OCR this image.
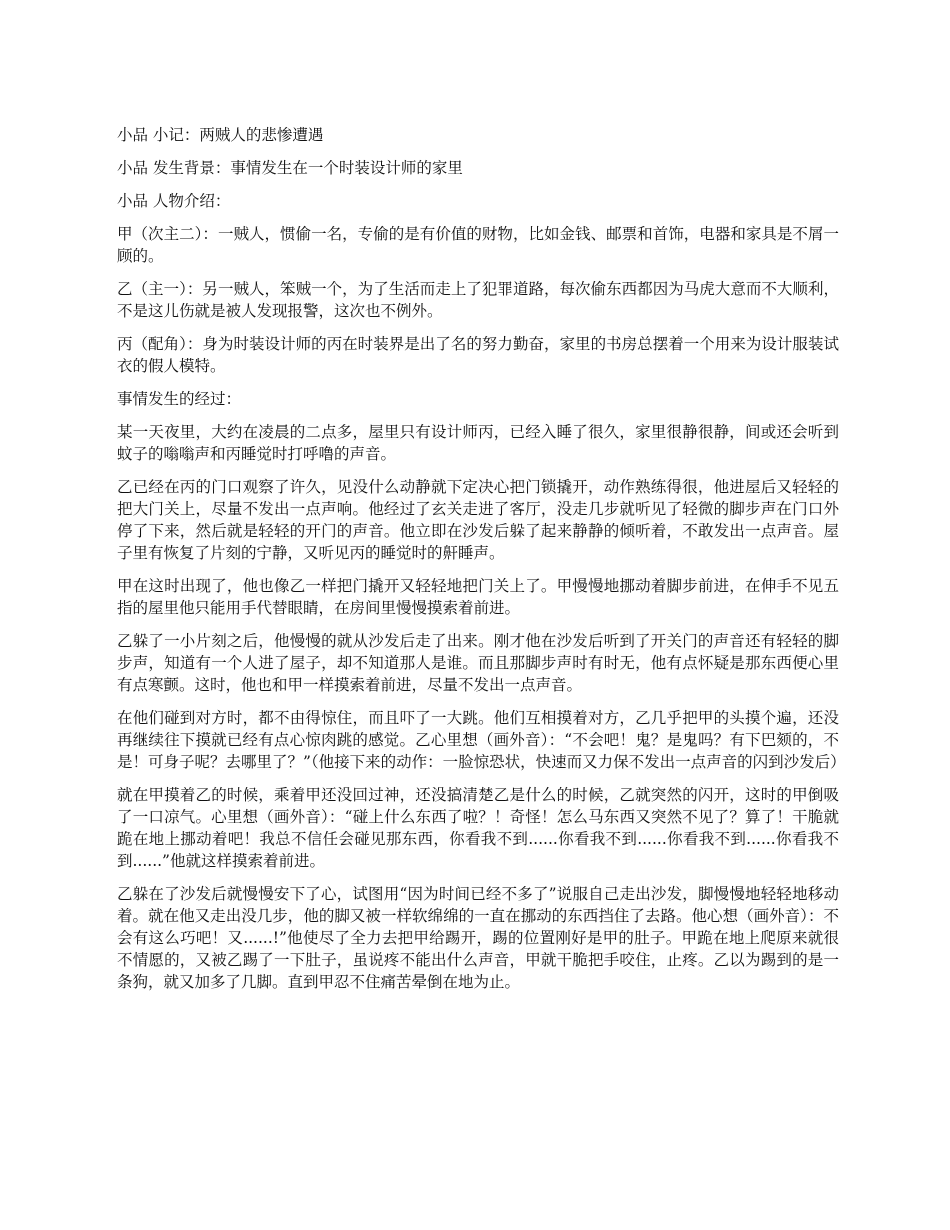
小品 小记：两贼人的悲惨遭遇

小品 发生背景：事情发生在一个时装设计师的家里

小品 人物介绍：

甲（次主二）：一贼人，惯偷一名，专偷的是有价值的财物，比如金钱、邮票和首饰，电器和家具是不屑一顾的。

乙（主一）：另一贼人，笨贼一个，为了生活而走上了犯罪道路，每次偷东西都因为马虎大意而不大顺利，不是这儿伤就是被人发现报警，这次也不例外。

丙（配角）：身为时装设计师的丙在时装界是出了名的努力勤奋，家里的书房总摆着一个用来为设计服装试衣的假人模特。

事情发生的经过：

某一天夜里，大约在凌晨的二点多，屋里只有设计师丙，已经入睡了很久，家里很静很静，间或还会听到蚊子的嗡嗡声和丙睡觉时打呼噜的声音。

乙已经在丙的门口观察了许久，见没什么动静就下定决心把门锁撬开，动作熟练得很，他进屋后又轻轻的把大门关上，尽量不发出一点声响。他经过了玄关走进了客厅，没走几步就听见了轻微的脚步声在门口外停了下来，然后就是轻轻的开门的声音。他立即在沙发后躲了起来静静的倾听着，不敢发出一点声音。屋子里有恢复了片刻的宁静，又听见丙的睡觉时的鼾睡声。

甲在这时出现了，他也像乙一样把门撬开又轻轻地把门关上了。甲慢慢地挪动着脚步前进，在伸手不见五指的屋里他只能用手代替眼睛，在房间里慢慢摸索着前进。

乙躲了一小片刻之后，他慢慢的就从沙发后走了出来。刚才他在沙发后听到了开关门的声音还有轻轻的脚步声，知道有一个人进了屋子，却不知道那人是谁。而且那脚步声时有时无，他有点怀疑是那东西便心里有点寒颤。这时，他也和甲一样摸索着前进，尽量不发出一点声音。

在他们碰到对方时，都不由得惊住，而且吓了一大跳。他们互相摸着对方，乙几乎把甲的头摸个遍，还没再继续往下摸就已经有点心惊肉跳的感觉。乙心里想（画外音）：“不会吧！鬼？是鬼吗？有下巴颏的，不是！可身子呢？去哪里了？”（他接下来的动作：一脸惊恐状，快速而又力保不发出一点声音的闪到沙发后）

就在甲摸着乙的时候，乘着甲还没回过神，还没搞清楚乙是什么的时候，乙就突然的闪开，这时的甲倒吸了一口凉气。心里想（画外音）：“碰上什么东西了啦？！奇怪！怎么马东西又突然不见了？算了！干脆就跪在地上挪动着吧！我总不信任会碰见那东西，你看我不到......你看我不到......你看我不到......你看我不到......”他就这样摸索着前进。

乙躲在了沙发后就慢慢安下了心，试图用“因为时间已经不多了”说服自己走出沙发，脚慢慢地轻轻地移动着。就在他又走出没几步，他的脚又被一样软绵绵的一直在挪动的东西挡住了去路。他心想（画外音）：不会有这么巧吧！又......!”他使尽了全力去把甲给踢开，踢的位置刚好是甲的肚子。甲跪在地上爬原来就很不情愿的，又被乙踢了一下肚子，虽说疼不能出什么声音，甲就干脆把手咬住，止疼。乙以为踢到的是一条狗，就又加多了几脚。直到甲忍不住痛苦晕倒在地为止。
